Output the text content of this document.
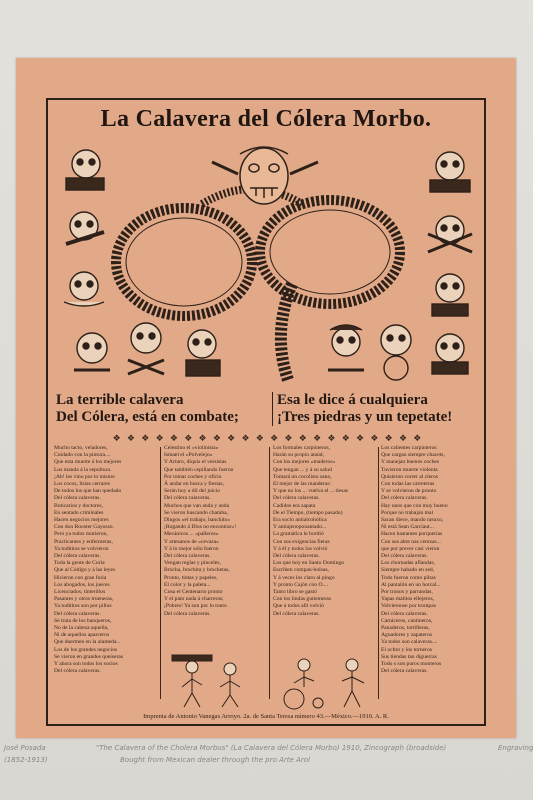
La Calavera del Cólera Morbo.
La terrible calavera
Del Cólera, está en combate;
Esa le dice á cualquiera
¡Tres piedras y un tepetate!
❖ ❖ ❖ ❖ ❖ ❖ ❖ ❖ ❖ ❖ ❖ ❖ ❖ ❖ ❖ ❖ ❖ ❖ ❖ ❖ ❖ ❖
Mucho tacto, veladores,
Cuidado con la pintura....
Que esta muerte á los mejores
Los manda á la sepultura.
¡Ah! les vino por lo mismo
Los cocos, listas cerrares
De todos los que han quedado
Del cólera calaveras.
Boticarios y doctores,
En sentado criminales
Hacen negocios mejores
Con don Rooster Gayosso.
Pero ya todos murieron,
Practicantes y enfermeras,
Ya todititos se volvieron
Del cólera calaveras.
Toda la gente de Curia
Que al Código y á las leyes
Hicieron con gran furia
Los abogados, los jueces
Licenciados, tinterillos
Pasantes y otros trueneras,
Ya todititos son por pillos
Del cólera calaveras.
Se trata de los banqueros,
No de la cabeza aquella,
Ni de aquellos aparceros
Que duermen en la alameda...
Los de los grandes negocios
Se vieron en grandes queiseras
Y ahora son todos los socios
Del cólera calaveras.
Celestino el «violinista»
Ismael el «Polvelejo»
Y Arturo, diquis el versistas
Que también cepillando fueron
Por tomar coches y ofício
Á andar en busca y fiestas,
Serán hoy a dil del juicio
Del cólera calaveras.
Muchos que van anda y anda
Se vieron buscando chamba,
Dingos «el trabajo, banchito»
¡Rogando á Dios no encontrar»!
Mecánicos ... «palleros»
Y artesanos de «cevaza»
Y á lo mejor sólo fueron
Del cólera calaveras.
Vengan reglas y pinceles,
Brocha, brochita y brochetas,
Pronto, tintas y papeles,
El color y la paleta...
Cosa el Centenario pronto
Y el pato nada á charreras;
¡Pobres! Ya son por lo tonto
Del cólera calaveras.
Los formales carpinteros,
Harán su propio ataúd,
Con los mejores «maderos»
Que tengan ... y á su salud
Tomará un cocolisto sano,
El mejor de las manderas:
Y que no los ... vuelva el ... tiesas
Del cólera calaveras.
Cadidos era zapata
De el Tiempo, (tiempo pasado)
Era socio antialcohólica
Y antiajenoponantado...
La gramática le bordió
Con sus exigencias fieras
Y á él y todos los volvió
Del cólera calaveras.
Los que hoy en Santo Domingo
Escriben compan-bolsas,
Y á veces los claro al pingo
Y pronto Cajón con O....
Tanto libro se gastó
Con los lindas gutíemeras
Que á todos allí volvió
Del cólera calaveras.
Los calientes carpinteros
Que cargan siempre chacets,
Y manejan buenos coches
Tuvieron muerte violenta
Quisieron correr al cleros
Con todas las carreteras
Y se volvieron de pronto
Del cólera calaveras.
Hay unos que con muy bueno
Porque no trabajan mal
Sacan diece, mando rasuxo,
Ni está Sean Garciaut...
Hacen bastantes porquerías
Con sus abre nas cerezas...
que por prever casi vieron
Del cólera calaveras.
Los chornadas aflandas,
Siempre habado en sed,
Todo fueron como piltas
Al pantalón en un horcal...
Por tronos y parrandas,
Yapas malitos ellejeros,
Volvieronse por trompas
Del cólera calaveras.
Carniceros, cantineros,
Panaderos, tortilleras,
Aguadores y zapateros
Ya todos son calaveras....
El ocbro y los torneros
Sus tiendas tan diguerras
Todo s son puros monteros
Del cólera calaveras.
Imprenta de Antonio Vanegas Arroyo. 2a. de Santa Teresa número 43.—México.—1910. A. R.
José Posada	"The Calavera of the Cholera Morbus" (La Calavera del Cólera Morbo) 1910, Zincograph (broadside)	Engraving
(1852-1913)	Bought from Mexican dealer through the pro Arte Arol
